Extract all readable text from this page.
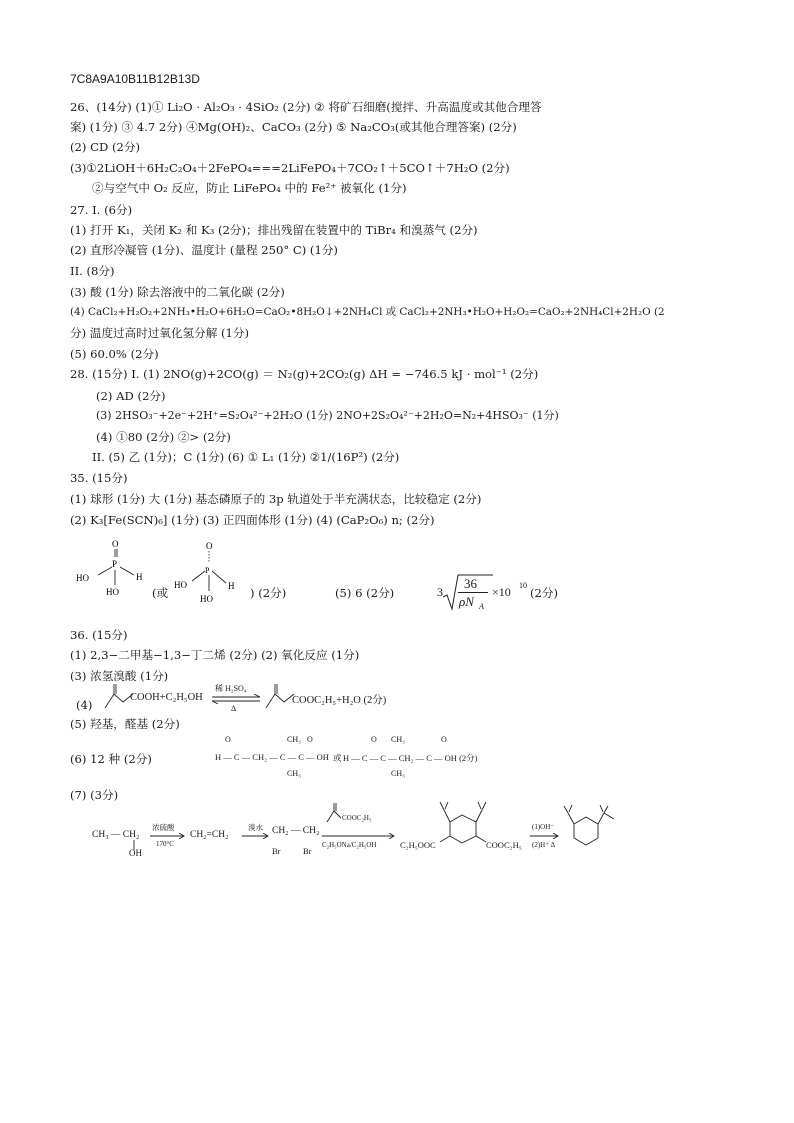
7C8A9A10B11B12B13D
26、(14分) (1)① Li₂O · Al₂O₃ · 4SiO₂ (2分) ② 将矿石细磨(搅拌、升高温度或其他合理答
案) (1分) ③ 4.7 2分) ④Mg(OH)₂、CaCO₃ (2分) ⑤ Na₂CO₃(或其他合理答案) (2分)
(2) CD (2分)
(3)①2LiOH＋6H₂C₂O₄＋2FePO₄===2LiFePO₄＋7CO₂↑＋5CO↑＋7H₂O (2分)
②与空气中 O₂ 反应，防止 LiFePO₄ 中的 Fe²⁺ 被氧化 (1分)
27. I. (6分)
(1) 打开 K₁，关闭 K₂ 和 K₃ (2分)；排出残留在装置中的 TiBr₄ 和溴蒸气 (2分)
(2) 直形冷凝管 (1分)、温度计 (量程 250° C) (1分)
II. (8分)
(3) 酸 (1分) 除去溶液中的二氧化碳 (2分)
(4) CaCl₂+H₂O₂+2NH₃•H₂O+6H₂O=CaO₂•8H₂O↓+2NH₄Cl 或 CaCl₂+2NH₃•H₂O+H₂O₂=CaO₂+2NH₄Cl+2H₂O (2
分) 温度过高时过氧化氢分解 (1分)
(5) 60.0% (2分)
28. (15分) I. (1) 2NO(g)+2CO(g) ＝ N₂(g)+2CO₂(g) ΔH = −746.5 kJ · mol⁻¹ (2分)
(2) AD (2分)
(3) 2HSO₃⁻+2e⁻+2H⁺=S₂O₄²⁻+2H₂O (1分) 2NO+2S₂O₄²⁻+2H₂O=N₂+4HSO₃⁻ (1分)
(4) ①80 (2分) ②> (2分)
II. (5) 乙 (1分)；C (1分) (6) ① L₁ (1分) ②1/(16P²) (2分)
35. (15分)
(1) 球形 (1分) 大 (1分) 基态磷原子的 3p 轨道处于半充满状态，比较稳定 (2分)
(2) K₃[Fe(SCN)₆] (1分) (3) 正四面体形 (1分) (4) (CaP₂O₆) n; (2分)
O
P
H
HO
HO	(或
O
P
H
HO
HO	) (2分)	(5) 6 (2分)	3
36
ρN A
×10 10
(2分)
36. (15分)
(1) 2,3−二甲基−1,3−丁二烯 (2分) (2) 氧化反应 (1分)
(3) 浓氢溴酸 (1分)
(4)
COOH+C₂H₅OH
稀 H₂SO₄
Δ
COOC₂H₅+H₂O (2分)
(5) 羟基，醛基 (2分)
(6) 12 种 (2分)
O	CH₃ O
H — C — CH₂ — C — C — OH 或
CH₃
O CH₃	O
H — C — C — CH₂ — C — OH (2分)
CH₃
(7) (3分)
CH₃ — CH₂
OH
浓硫酸
170°C
CH₂=CH₂
溴水 CH₂ — CH₂
Br	Br
COOC₂H₅
C₂H₅ONa/C₂H₅OH	C₂H₅OOC	COOC₂H₅
(1)OH⁻
(2)H⁺ Δ
